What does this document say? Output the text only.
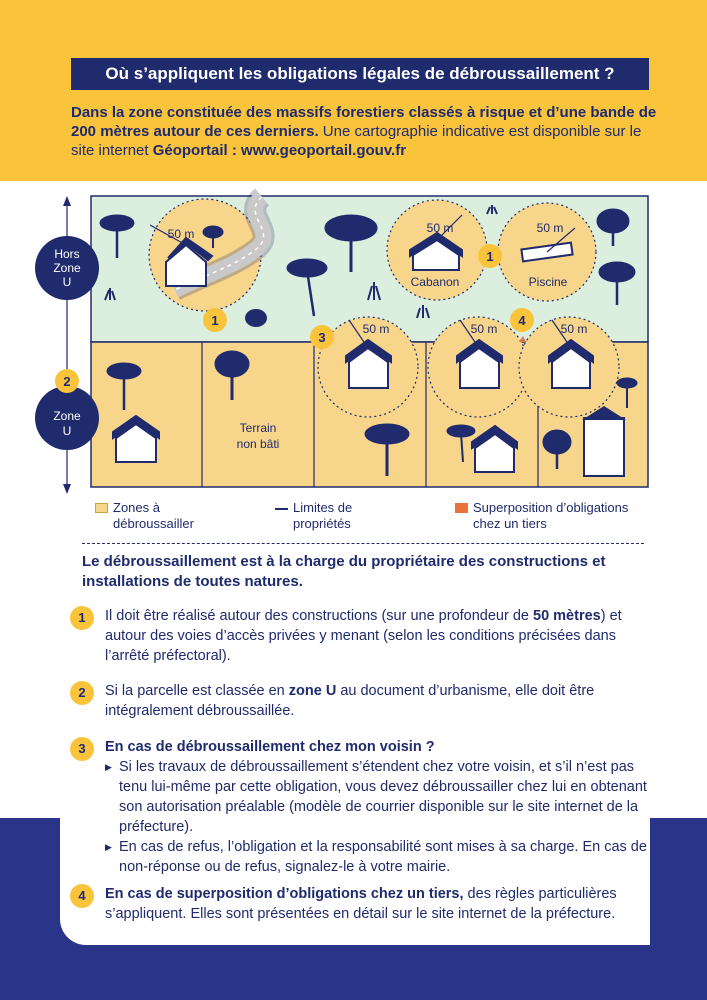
Où s’appliquent les obligations légales de débroussaillement ?
Dans la zone constituée des massifs forestiers classés à risque et d’une bande de 200 mètres autour de ces derniers. Une cartographie indicative est disponible sur le site internet Géoportail : www.geoportail.gouv.fr
Hors
Zone
U
Zone
U
2
50 m	50 m	50 m
50 m	50 m	50 m
Cabanon	Piscine
Terrain
non bâti
1
1
3
4
Zones à débroussailler
Limites de propriétés
Superposition d’obligations chez un tiers
Le débroussaillement est à la charge du propriétaire des constructions et installations de toutes natures.
1	Il doit être réalisé autour des constructions (sur une profondeur de 50 mètres) et autour des voies d’accès privées y menant (selon les conditions précisées dans l’arrêté préfectoral).
2	Si la parcelle est classée en zone U au document d’urbanisme, elle doit être intégralement débroussaillée.
3	En cas de débroussaillement chez mon voisin ?
▶ Si les travaux de débroussaillement s’étendent chez votre voisin, et s’il n’est pas tenu lui-même par cette obligation, vous devez débroussailler chez lui en obtenant son autorisation préalable (modèle de courrier disponible sur le site internet de la préfecture).
▶ En cas de refus, l’obligation et la responsabilité sont mises à sa charge. En cas de non-réponse ou de refus, signalez-le à votre mairie.
4	En cas de superposition d’obligations chez un tiers, des règles particulières s’appliquent. Elles sont présentées en détail sur le site internet de la préfecture.
